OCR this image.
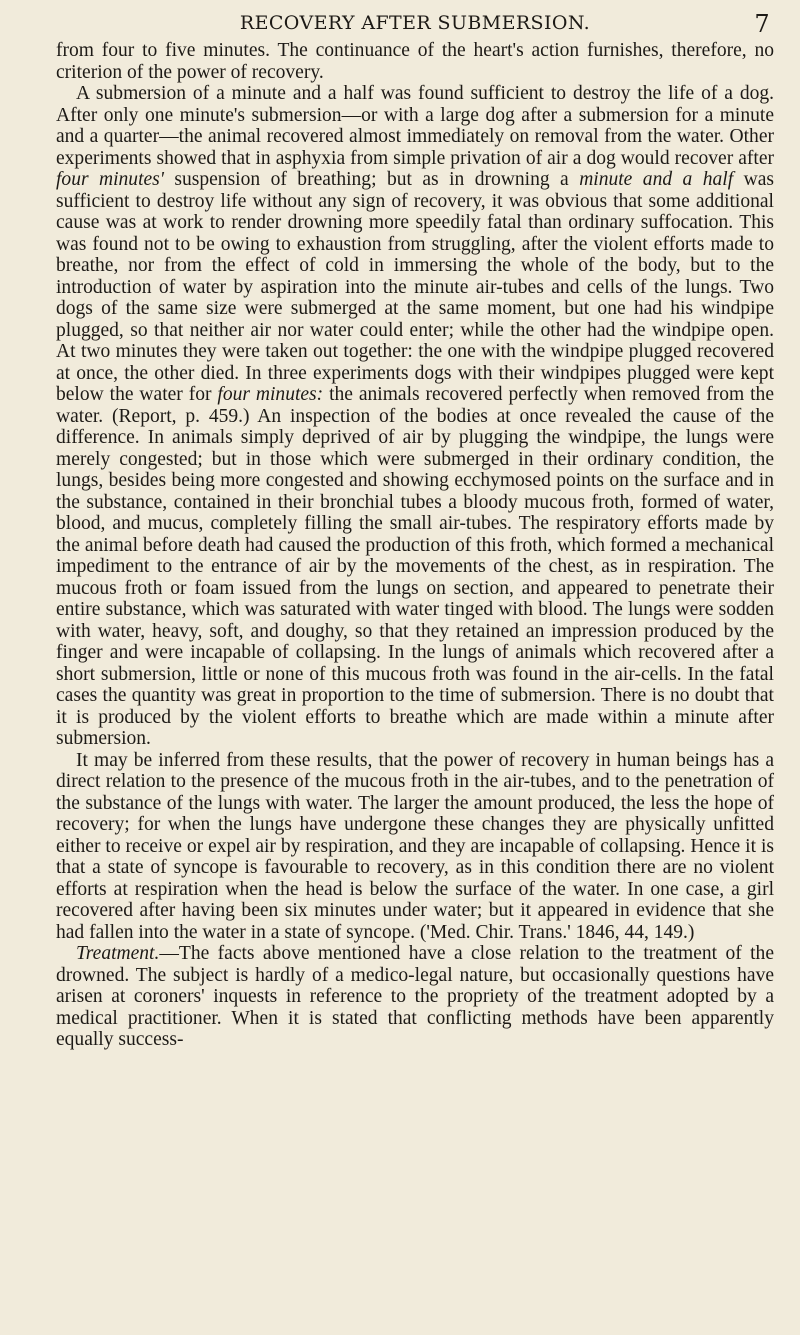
RECOVERY AFTER SUBMERSION.	7

from four to five minutes. The continuance of the heart's action furnishes, therefore, no criterion of the power of recovery.

A submersion of a minute and a half was found sufficient to destroy the life of a dog. After only one minute's submersion—or with a large dog after a submersion for a minute and a quarter—the animal recovered almost immediately on removal from the water. Other experiments showed that in asphyxia from simple privation of air a dog would recover after four minutes' suspension of breathing; but as in drowning a minute and a half was sufficient to destroy life without any sign of recovery, it was obvious that some additional cause was at work to render drowning more speedily fatal than ordinary suffocation. This was found not to be owing to exhaustion from struggling, after the violent efforts made to breathe, nor from the effect of cold in immersing the whole of the body, but to the introduction of water by aspiration into the minute air-tubes and cells of the lungs. Two dogs of the same size were submerged at the same moment, but one had his windpipe plugged, so that neither air nor water could enter; while the other had the windpipe open. At two minutes they were taken out together: the one with the windpipe plugged recovered at once, the other died. In three experiments dogs with their windpipes plugged were kept below the water for four minutes: the animals recovered perfectly when removed from the water. (Report, p. 459.) An inspection of the bodies at once revealed the cause of the difference. In animals simply deprived of air by plugging the windpipe, the lungs were merely congested; but in those which were submerged in their ordinary condition, the lungs, besides being more congested and showing ecchymosed points on the surface and in the substance, contained in their bronchial tubes a bloody mucous froth, formed of water, blood, and mucus, completely filling the small air-tubes. The respiratory efforts made by the animal before death had caused the production of this froth, which formed a mechanical impediment to the entrance of air by the movements of the chest, as in respiration. The mucous froth or foam issued from the lungs on section, and appeared to penetrate their entire substance, which was saturated with water tinged with blood. The lungs were sodden with water, heavy, soft, and doughy, so that they retained an impression produced by the finger and were incapable of collapsing. In the lungs of animals which recovered after a short submersion, little or none of this mucous froth was found in the air-cells. In the fatal cases the quantity was great in proportion to the time of submersion. There is no doubt that it is produced by the violent efforts to breathe which are made within a minute after submersion.

It may be inferred from these results, that the power of recovery in human beings has a direct relation to the presence of the mucous froth in the air-tubes, and to the penetration of the substance of the lungs with water. The larger the amount produced, the less the hope of recovery; for when the lungs have undergone these changes they are physically unfitted either to receive or expel air by respiration, and they are incapable of collapsing. Hence it is that a state of syncope is favourable to recovery, as in this condition there are no violent efforts at respiration when the head is below the surface of the water. In one case, a girl recovered after having been six minutes under water; but it appeared in evidence that she had fallen into the water in a state of syncope. ('Med. Chir. Trans.' 1846, 44, 149.)

Treatment.—The facts above mentioned have a close relation to the treatment of the drowned. The subject is hardly of a medico-legal nature, but occasionally questions have arisen at coroners' inquests in reference to the propriety of the treatment adopted by a medical practitioner. When it is stated that conflicting methods have been apparently equally success-
